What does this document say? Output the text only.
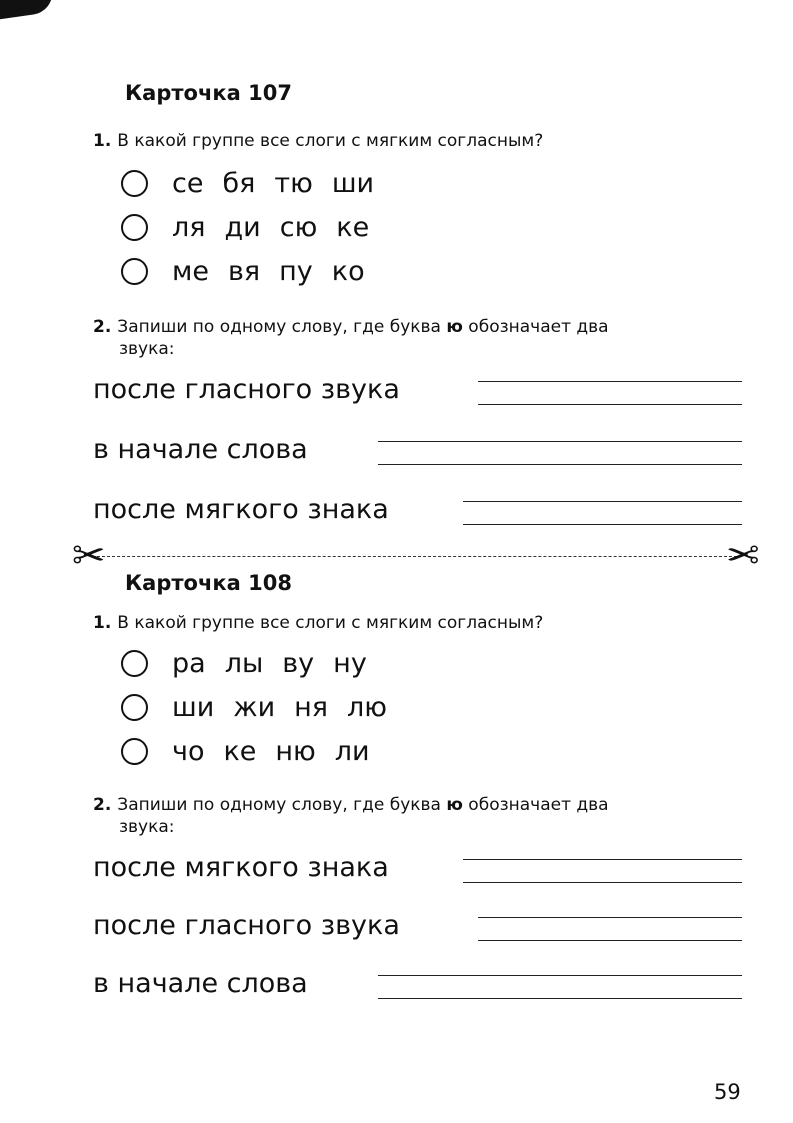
Карточка 107
1. В какой группе все слоги с мягким согласным?
се бя тю ши
ля ди сю ке
ме вя пу ко
2. Запиши по одному слову, где буква ю обозначает два
звука:
после гласного звука
в начале слова
после мягкого знака
✂	✂
Карточка 108
1. В какой группе все слоги с мягким согласным?
ра лы ву ну
ши жи ня лю
чо ке ню ли
2. Запиши по одному слову, где буква ю обозначает два
звука:
после мягкого знака
после гласного звука
в начале слова
59
